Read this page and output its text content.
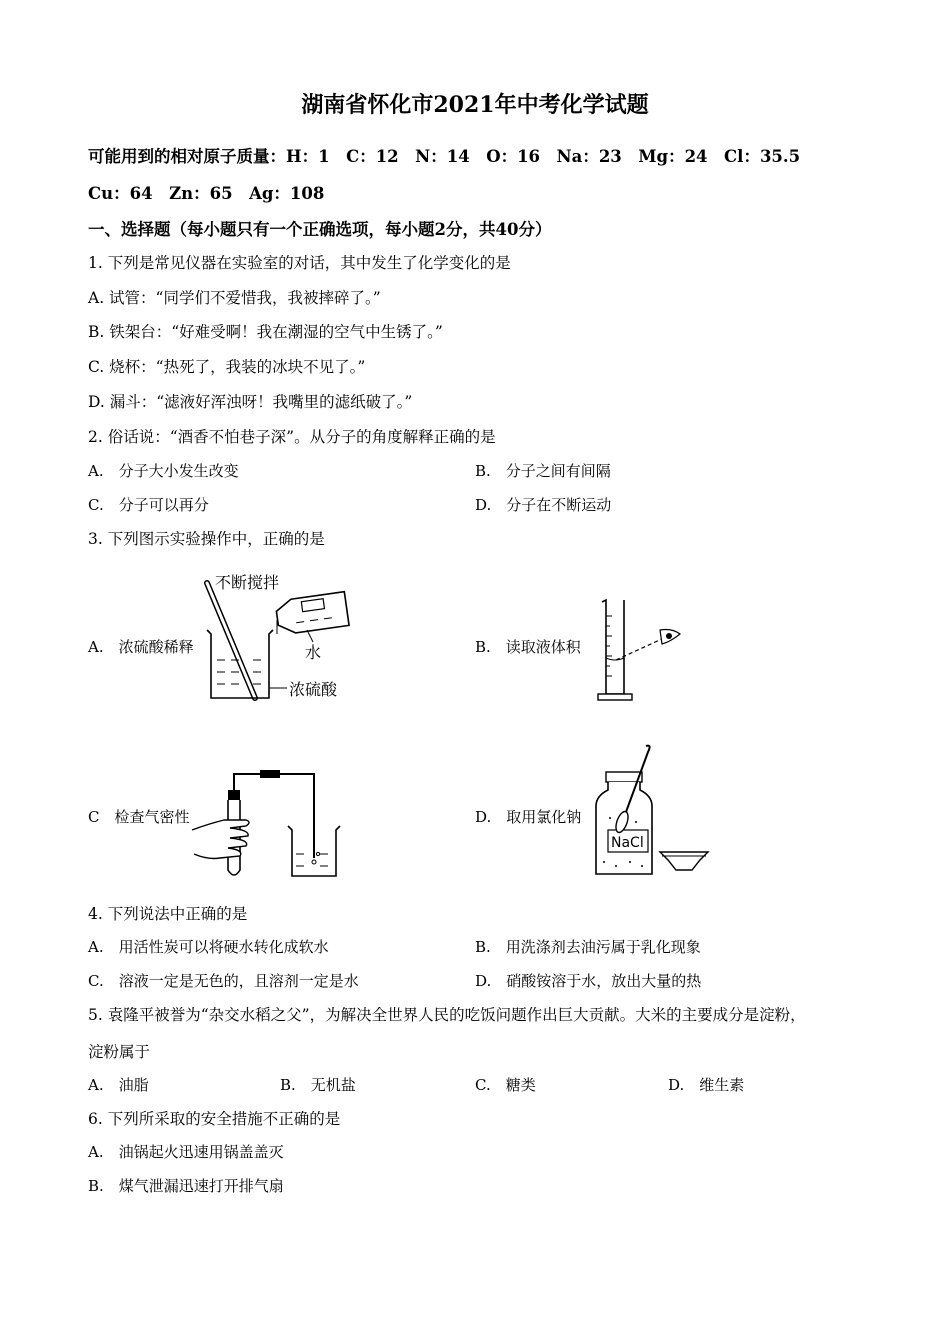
湖南省怀化市2021年中考化学试题
可能用到的相对原子质量：H：1　C：12　N：14　O：16　Na：23　Mg：24　Cl：35.5
Cu：64　Zn：65　Ag：108
一、选择题（每小题只有一个正确选项，每小题2分，共40分）
1. 下列是常见仪器在实验室的对话，其中发生了化学变化的是
A. 试管：“同学们不爱惜我，我被摔碎了。”
B. 铁架台：“好难受啊！我在潮湿的空气中生锈了。”
C. 烧杯：“热死了，我装的冰块不见了。”
D. 漏斗：“滤液好浑浊呀！我嘴里的滤纸破了。”
2. 俗话说：“酒香不怕巷子深”。从分子的角度解释正确的是
A.　分子大小发生改变	B.　分子之间有间隔
C.　分子可以再分	D.　分子在不断运动
3. 下列图示实验操作中，正确的是
A.　浓硫酸稀释
不断搅拌
水
浓硫酸
B.　读取液体积
C　检查气密性	D.　取用氯化钠
NaCl
4. 下列说法中正确的是
A.　用活性炭可以将硬水转化成软水	B.　用洗涤剂去油污属于乳化现象
C.　溶液一定是无色的，且溶剂一定是水	D.　硝酸铵溶于水，放出大量的热
5. 袁隆平被誉为“杂交水稻之父”，为解决全世界人民的吃饭问题作出巨大贡献。大米的主要成分是淀粉，
淀粉属于
A.　油脂	B.　无机盐	C.　糖类	D.　维生素
6. 下列所采取的安全措施不正确的是
A.　油锅起火迅速用锅盖盖灭
B.　煤气泄漏迅速打开排气扇
